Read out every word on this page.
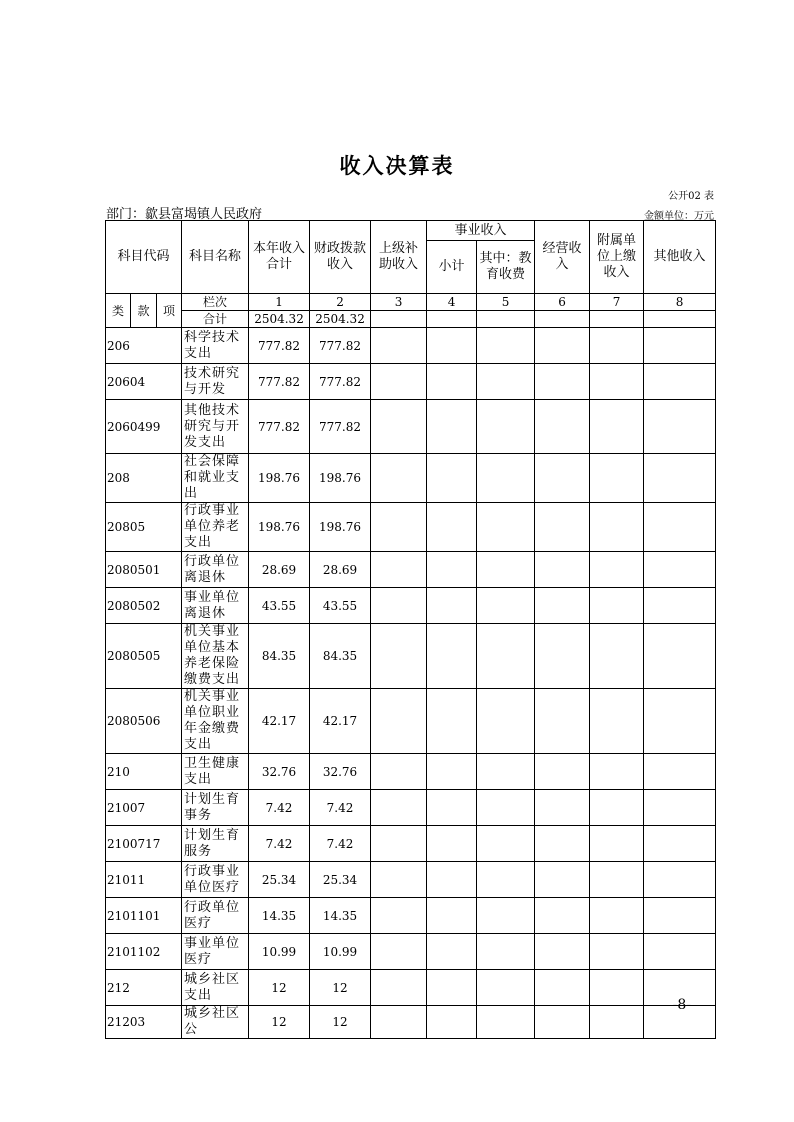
收入决算表
公开02 表
部门：歙县富堨镇人民政府	金额单位：万元
科目代码			科目名称	本年收入合计	财政拨款收入	上级补助收入	事业收入		经营收入	附属单位上缴收入	其他收入
							小计	其中：教育收费			
类	款	项	栏次	1	2	3	4	5	6	7	8
			合计	2504.32	2504.32						
206			科学技术支出	777.82	777.82						
20604			技术研究与开发	777.82	777.82						
2060499			其他技术研究与开发支出	777.82	777.82						
208			社会保障和就业支出	198.76	198.76						
20805			行政事业单位养老支出	198.76	198.76						
2080501			行政单位离退休	28.69	28.69						
2080502			事业单位离退休	43.55	43.55						
2080505			机关事业单位基本养老保险缴费支出	84.35	84.35						
2080506			机关事业单位职业年金缴费支出	42.17	42.17						
210			卫生健康支出	32.76	32.76						
21007			计划生育事务	7.42	7.42						
2100717			计划生育服务	7.42	7.42						
21011			行政事业单位医疗	25.34	25.34						
2101101			行政单位医疗	14.35	14.35						
2101102			事业单位医疗	10.99	10.99						
212			城乡社区支出	12	12						
21203			城乡社区公	12	12						
-8-
